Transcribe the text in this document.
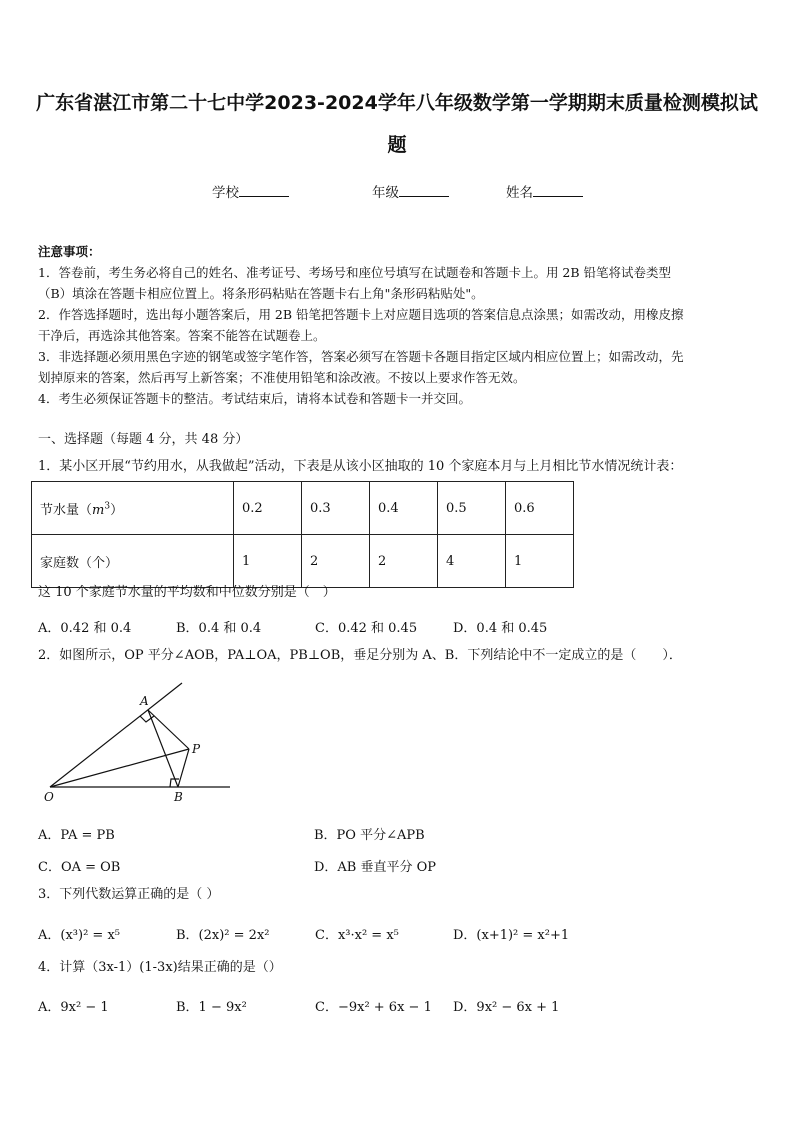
广东省湛江市第二十七中学2023-2024学年八年级数学第一学期期末质量检测模拟试
题
学校	年级	姓名
注意事项：
1．答卷前，考生务必将自己的姓名、准考证号、考场号和座位号填写在试题卷和答题卡上。用 2B 铅笔将试卷类型
（B）填涂在答题卡相应位置上。将条形码粘贴在答题卡右上角"条形码粘贴处"。
2．作答选择题时，选出每小题答案后，用 2B 铅笔把答题卡上对应题目选项的答案信息点涂黑；如需改动，用橡皮擦
干净后，再选涂其他答案。答案不能答在试题卷上。
3．非选择题必须用黑色字迹的钢笔或签字笔作答，答案必须写在答题卡各题目指定区域内相应位置上；如需改动，先
划掉原来的答案，然后再写上新答案；不准使用铅笔和涂改液。不按以上要求作答无效。
4．考生必须保证答题卡的整洁。考试结束后，请将本试卷和答题卡一并交回。
一、选择题（每题 4 分，共 48 分）
1．某小区开展“节约用水，从我做起”活动，下表是从该小区抽取的 10 个家庭本月与上月相比节水情况统计表：
节水量$(m^3)$	0.2	0.3	0.4	0.5	0.6
家庭数（个）	1	2	2	4	1
这 10 个家庭节水量的平均数和中位数分别是（　）
A．0.42 和 0.4	B．0.4 和 0.4	C．0.42 和 0.45	D．0.4 和 0.45
2．如图所示，OP 平分∠AOB，PA⊥OA，PB⊥OB，垂足分别为 A、B．下列结论中不一定成立的是（　　）．
A
P
O	B
A．PA = PB	B．PO 平分∠APB
C．OA = OB	D．AB 垂直平分 OP
3．下列代数运算正确的是（ ）
A．(x³)² = x⁵	B．(2x)² = 2x²	C．x³·x² = x⁵	D．(x+1)² = x²+1
4．计算（3x-1）(1-3x)结果正确的是（）
A．9x² − 1	B．1 − 9x²	C．−9x² + 6x − 1 D．9x² − 6x + 1
